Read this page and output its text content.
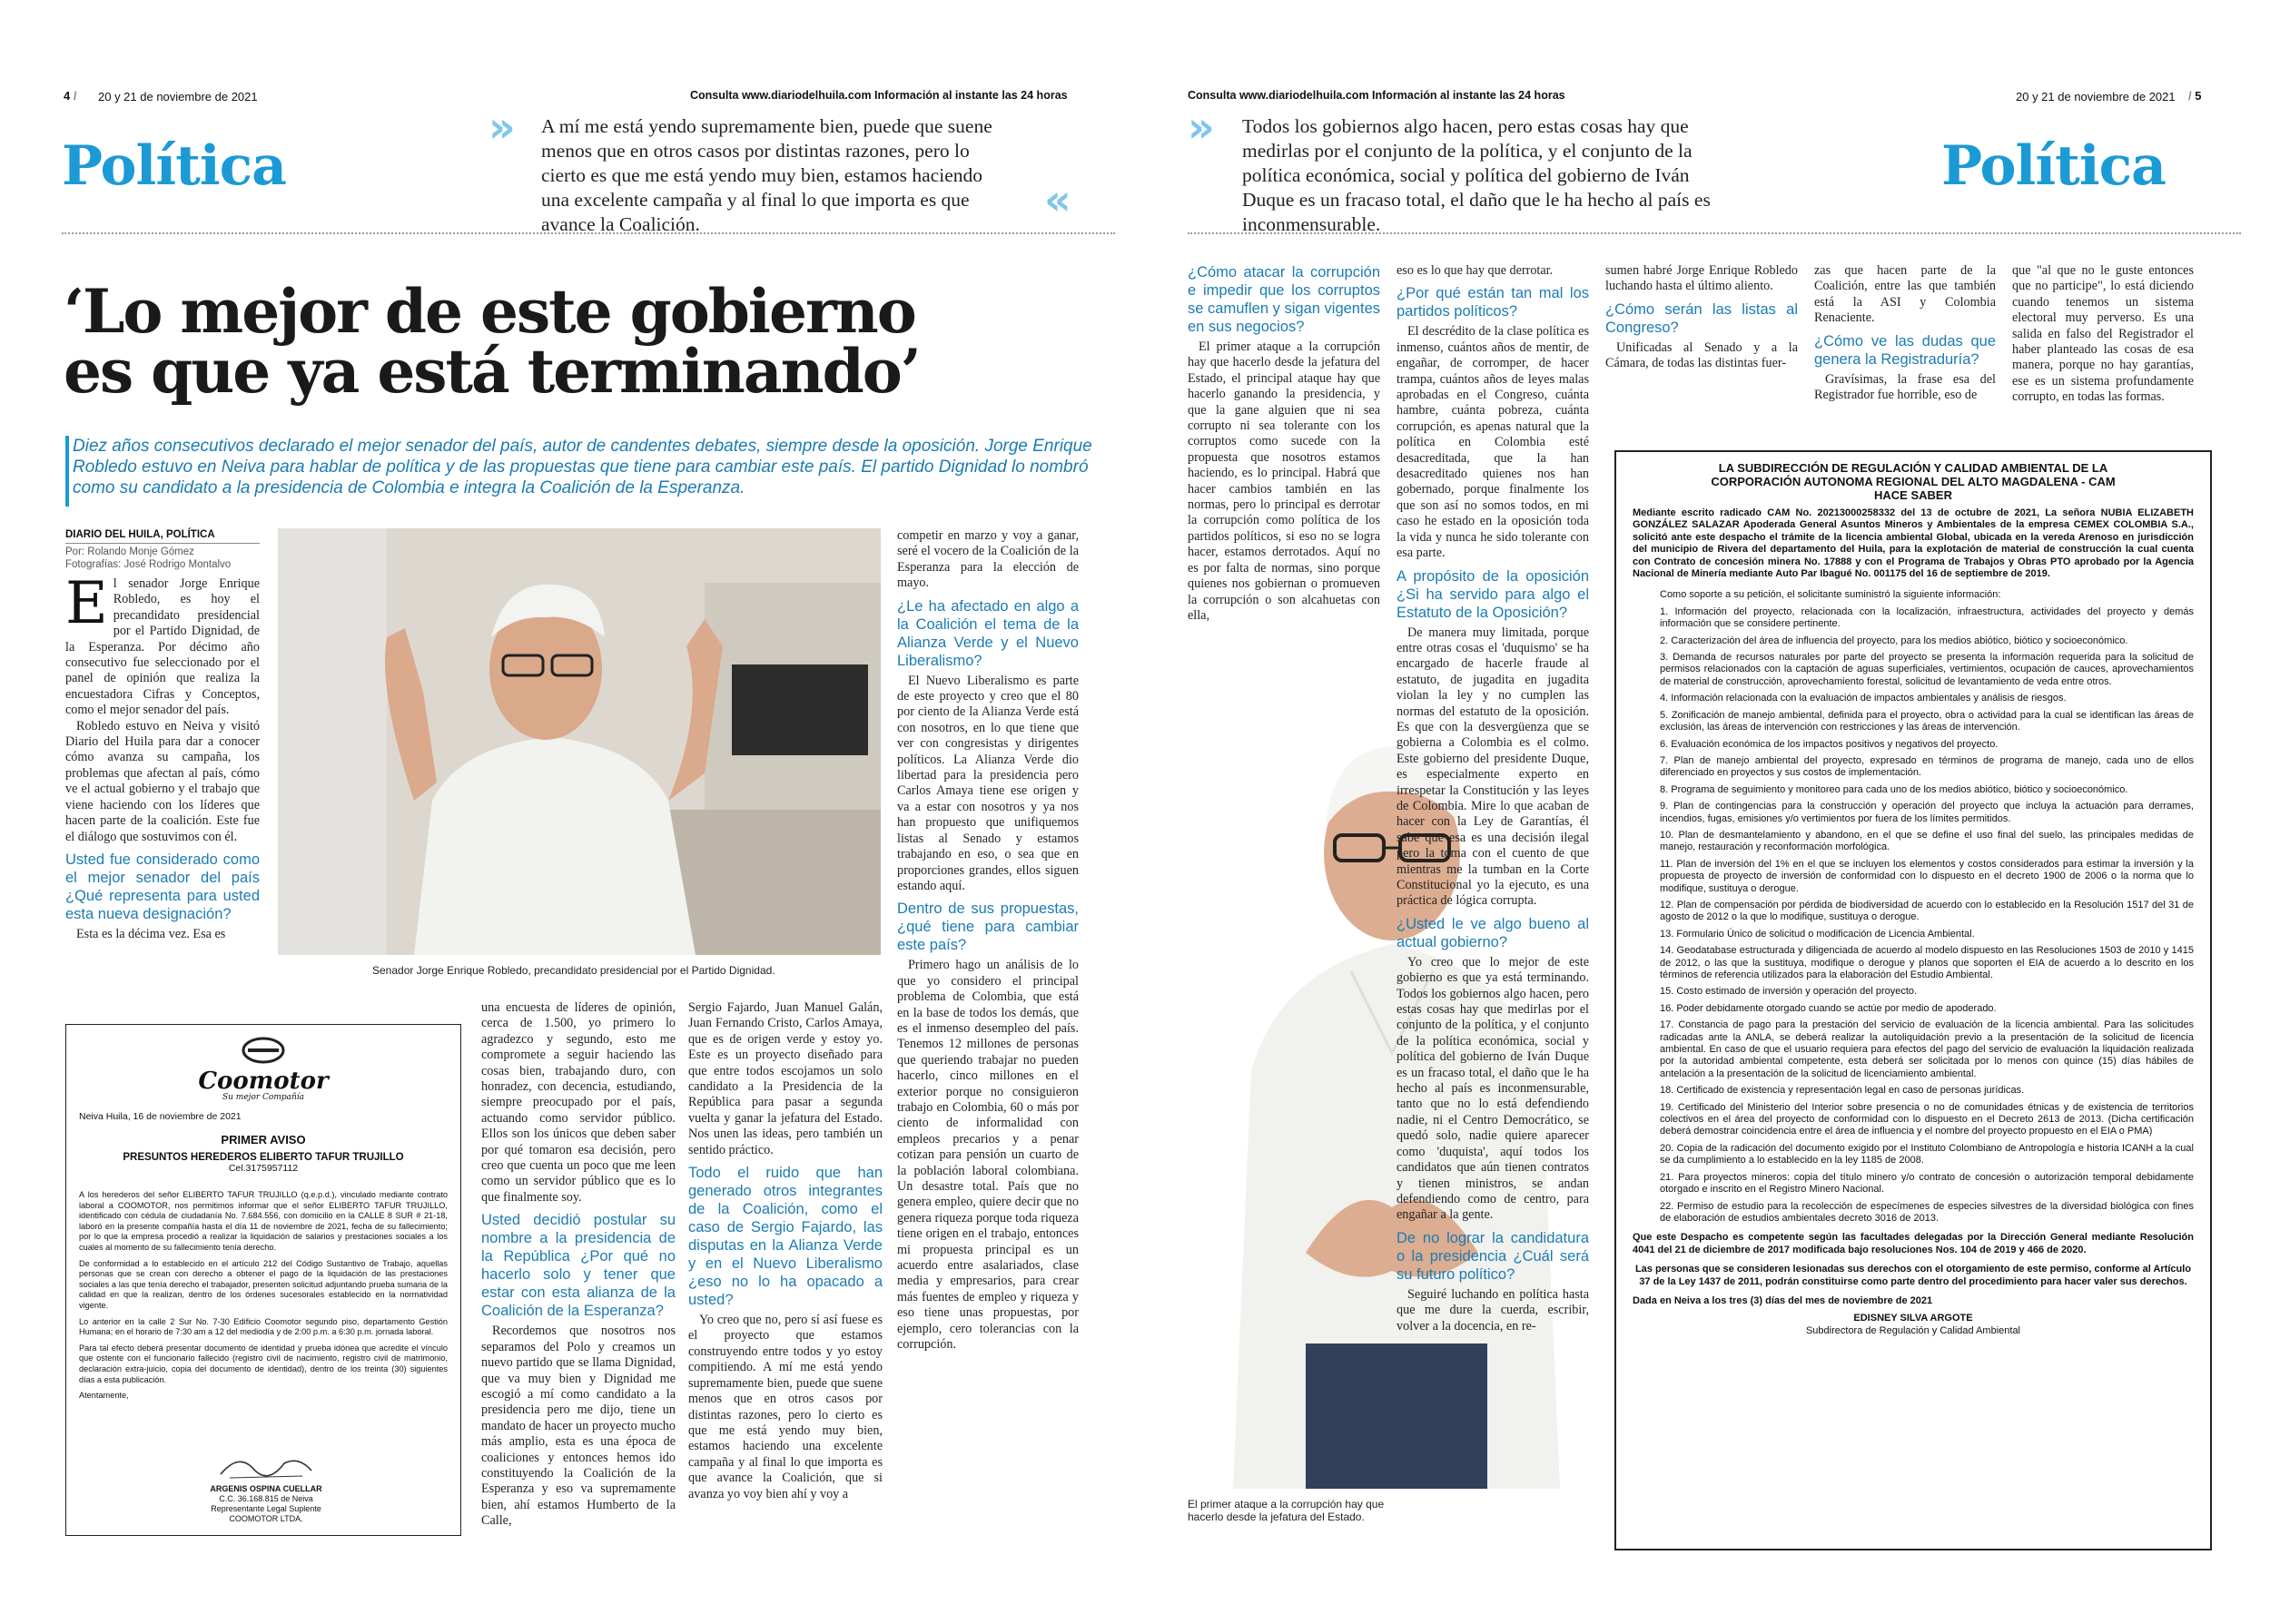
4 / 20 y 21 de noviembre de 2021	Consulta www.diariodelhuila.com Información al instante las 24 horas
Política
» A mí me está yendo supremamente bien, puede que suene menos que en otros casos por distintas razones, pero lo cierto es que me está yendo muy bien, estamos haciendo una excelente campaña y al final lo que importa es que avance la Coalición.	«
‘Lo mejor de este gobierno
es que ya está terminando’
Diez años consecutivos declarado el mejor senador del país, autor de candentes debates, siempre desde la oposición. Jorge Enrique Robledo estuvo en Neiva para hablar de política y de las propuestas que tiene para cambiar este país. El partido Dignidad lo nombró como su candidato a la presidencia de Colombia e integra la Coalición de la Esperanza.
DIARIO DEL HUILA, POLÍTICA
Por: Rolando Monje Gómez
Fotografías: José Rodrigo Montalvo

El senador Jorge Enrique Robledo, es hoy el precandidato presidencial por el Partido Dignidad, de la Esperanza. Por décimo año consecutivo fue seleccionado por el panel de opinión que realiza la encuestadora Cifras y Conceptos, como el mejor senador del país.

Robledo estuvo en Neiva y visitó Diario del Huila para dar a conocer cómo avanza su campaña, los problemas que afectan al país, cómo ve el actual gobierno y el trabajo que viene haciendo con los líderes que hacen parte de la coalición. Este fue el diálogo que sostuvimos con él.

Usted fue considerado como el mejor senador del país ¿Qué representa para usted esta nueva designación?

Esta es la décima vez. Esa es

Senador Jorge Enrique Robledo, precandidato presidencial por el Partido Dignidad.

competir en marzo y voy a ganar, seré el vocero de la Coalición de la Esperanza para la elección de mayo.

¿Le ha afectado en algo a la Coalición el tema de la Alianza Verde y el Nuevo Liberalismo?

El Nuevo Liberalismo es parte de este proyecto y creo que el 80 por ciento de la Alianza Verde está con nosotros, en lo que tiene que ver con congresistas y dirigentes políticos. La Alianza Verde dio libertad para la presidencia pero Carlos Amaya tiene ese origen y va a estar con nosotros y ya nos han propuesto que unifiquemos listas al Senado y estamos trabajando en eso, o sea que en proporciones grandes, ellos siguen estando aquí.

Dentro de sus propuestas, ¿qué tiene para cambiar este país?

Primero hago un análisis de lo que yo considero el principal problema de Colombia, que está en la base de todos los demás, que es el inmenso desempleo del país. Tenemos 12 millones de personas que queriendo trabajar no pueden hacerlo, cinco millones en el exterior porque no consiguieron trabajo en Colombia, 60 o más por ciento de informalidad con empleos precarios y a penar cotizan para pensión un cuarto de la población laboral colombiana. Un desastre total. País que no genera empleo, quiere decir que no genera riqueza porque toda riqueza tiene origen en el trabajo, entonces mi propuesta principal es un acuerdo entre asalariados, clase media y empresarios, para crear más fuentes de empleo y riqueza y eso tiene unas propuestas, por ejemplo, cero tolerancias con la corrupción.

una encuesta de líderes de opinión, cerca de 1.500, yo primero lo agradezco y segundo, esto me compromete a seguir haciendo las cosas bien, trabajando duro, con honradez, con decencia, estudiando, siempre preocupado por el país, actuando como servidor público. Ellos son los únicos que deben saber por qué tomaron esa decisión, pero creo que cuenta un poco que me leen como un servidor público que es lo que finalmente soy.

Usted decidió postular su nombre a la presidencia de la República ¿Por qué no hacerlo solo y tener que estar con esta alianza de la Coalición de la Esperanza?

Recordemos que nosotros nos separamos del Polo y creamos un nuevo partido que se llama Dignidad, que va muy bien y Dignidad me escogió a mí como candidato a la presidencia pero me dijo, tiene un mandato de hacer un proyecto mucho más amplio, esta es una época de coaliciones y entonces hemos ido constituyendo la Coalición de la Esperanza y eso va supremamente bien, ahí estamos Humberto de la Calle,

Sergio Fajardo, Juan Manuel Galán, Juan Fernando Cristo, Carlos Amaya, que es de origen verde y estoy yo. Este es un proyecto diseñado para que entre todos escojamos un solo candidato a la Presidencia de la República para pasar a segunda vuelta y ganar la jefatura del Estado. Nos unen las ideas, pero también un sentido práctico.

Todo el ruido que han generado otros integrantes de la Coalición, como el caso de Sergio Fajardo, las disputas en la Alianza Verde y en el Nuevo Liberalismo ¿eso no lo ha opacado a usted?

Yo creo que no, pero sí así fuese es el proyecto que estamos construyendo entre todos y yo estoy compitiendo. A mí me está yendo supremamente bien, puede que suene menos que en otros casos por distintas razones, pero lo cierto es que me está yendo muy bien, estamos haciendo una excelente campaña y al final lo que importa es que avance la Coalición, que si avanza yo voy bien ahí y voy a

Coomotor
Su mejor Compañía
Neiva Huila, 16 de noviembre de 2021
PRIMER AVISO
PRESUNTOS HEREDEROS ELIBERTO TAFUR TRUJILLO
Cel.3175957112

A los herederos del señor ELIBERTO TAFUR TRUJILLO (q.e.p.d.), vinculado mediante contrato laboral a COOMOTOR, nos permitimos informar que el señor ELIBERTO TAFUR TRUJILLO, identificado con cédula de ciudadanía No. 7.684.556, con domicilio en la CALLE 8 SUR # 21-18, laboró en la presente compañía hasta el día 11 de noviembre de 2021, fecha de su fallecimiento; por lo que la empresa procedió a realizar la liquidación de salarios y prestaciones sociales a los cuales al momento de su fallecimiento tenía derecho.

De conformidad a lo establecido en el artículo 212 del Código Sustantivo de Trabajo, aquellas personas que se crean con derecho a obtener el pago de la liquidación de las prestaciones sociales a las que tenía derecho el trabajador, presenten solicitud adjuntando prueba sumaria de la calidad en que la realizan, dentro de los órdenes sucesorales establecido en la normatividad vigente.

Lo anterior en la calle 2 Sur No. 7-30 Edificio Coomotor segundo piso, departamento Gestión Humana; en el horario de 7:30 am a 12 del mediodía y de 2:00 p.m. a 6:30 p.m. jornada laboral.

Para tal efecto deberá presentar documento de identidad y prueba idónea que acredite el vínculo que ostente con el funcionario fallecido (registro civil de nacimiento, registro civil de matrimonio, declaración extra-juicio, copia del documento de identidad), dentro de los treinta (30) siguientes días a esta publicación.

Atentamente,

ARGENIS OSPINA CUELLAR
C.C. 36.168.815 de Neiva
Representante Legal Suplente
COOMOTOR LTDA.
Consulta www.diariodelhuila.com Información al instante las 24 horas	20 y 21 de noviembre de 2021 / 5
» Todos los gobiernos algo hacen, pero estas cosas hay que medirlas por el conjunto de la política, y el conjunto de la política económica, social y política del gobierno de Iván Duque es un fracaso total, el daño que le ha hecho al país es inconmensurable.
Política
¿Cómo atacar la corrupción e impedir que los corruptos se camuflen y sigan vigentes en sus negocios?

El primer ataque a la corrupción hay que hacerlo desde la jefatura del Estado, el principal ataque hay que hacerlo ganando la presidencia, y que la gane alguien que ni sea corrupto ni sea tolerante con los corruptos como sucede con la propuesta que nosotros estamos haciendo, es lo principal. Habrá que hacer cambios también en las normas, pero lo principal es derrotar la corrupción como política de los partidos políticos, si eso no se logra hacer, estamos derrotados. Aquí no es por falta de normas, sino porque quienes nos gobiernan o promueven la corrupción o son alcahuetas con ella,

El primer ataque a la corrupción hay que hacerlo desde la jefatura del Estado.

eso es lo que hay que derrotar.

¿Por qué están tan mal los partidos políticos?

El descrédito de la clase política es inmenso, cuántos años de mentir, de engañar, de corromper, de hacer trampa, cuántos años de leyes malas aprobadas en el Congreso, cuánta hambre, cuánta pobreza, cuánta corrupción, es apenas natural que la política en Colombia esté desacreditada, que la han desacreditado quienes nos han gobernado, porque finalmente los que son así no somos todos, en mi caso he estado en la oposición toda la vida y nunca he sido tolerante con esa parte.

A propósito de la oposición ¿Si ha servido para algo el Estatuto de la Oposición?

De manera muy limitada, porque entre otras cosas el 'duquismo' se ha encargado de hacerle fraude al estatuto, de jugadita en jugadita violan la ley y no cumplen las normas del estatuto de la oposición. Es que con la desvergüenza que se gobierna a Colombia es el colmo. Este gobierno del presidente Duque, es especialmente experto en irrespetar la Constitución y las leyes de Colombia. Mire lo que acaban de hacer con la Ley de Garantías, él sabe que esa es una decisión ilegal pero la toma con el cuento de que mientras me la tumban en la Corte Constitucional yo la ejecuto, es una práctica de lógica corrupta.

¿Usted le ve algo bueno al actual gobierno?

Yo creo que lo mejor de este gobierno es que ya está terminando. Todos los gobiernos algo hacen, pero estas cosas hay que medirlas por el conjunto de la política, y el conjunto de la política económica, social y política del gobierno de Iván Duque es un fracaso total, el daño que le ha hecho al país es inconmensurable, tanto que no lo está defendiendo nadie, ni el Centro Democrático, se quedó solo, nadie quiere aparecer como 'duquista', aquí todos los candidatos que aún tienen contratos y tienen ministros, se andan defendiendo como de centro, para engañar a la gente.

De no lograr la candidatura o la presidencia ¿Cuál será su futuro político?

Seguiré luchando en política hasta que me dure la cuerda, escribir, volver a la docencia, en re-

sumen habré Jorge Enrique Robledo luchando hasta el último aliento.

¿Cómo serán las listas al Congreso?

Unificadas al Senado y a la Cámara, de todas las distintas fuer-

zas que hacen parte de la Coalición, entre las que también está la ASI y Colombia Renaciente.

¿Cómo ve las dudas que genera la Registraduría?

Gravísimas, la frase esa del Registrador fue horrible, eso de

que "al que no le guste entonces que no participe", lo está diciendo cuando tenemos un sistema electoral muy perverso. Es una salida en falso del Registrador el haber planteado las cosas de esa manera, porque no hay garantías, ese es un sistema profundamente corrupto, en todas las formas.

LA SUBDIRECCIÓN DE REGULACIÓN Y CALIDAD AMBIENTAL DE LA
CORPORACIÓN AUTONOMA REGIONAL DEL ALTO MAGDALENA - CAM
HACE SABER

Mediante escrito radicado CAM No. 20213000258332 del 13 de octubre de 2021, La señora NUBIA ELIZABETH GONZÁLEZ SALAZAR Apoderada General Asuntos Mineros y Ambientales de la empresa CEMEX COLOMBIA S.A., solicitó ante este despacho el trámite de la licencia ambiental Global, ubicada en la vereda Arenoso en jurisdicción del municipio de Rivera del departamento del Huila, para la explotación de material de construcción la cual cuenta con Contrato de concesión minera No. 17888 y con el Programa de Trabajos y Obras PTO aprobado por la Agencia Nacional de Minería mediante Auto Par Ibagué No. 001175 del 16 de septiembre de 2019.

Como soporte a su petición, el solicitante suministró la siguiente información:

1. Información del proyecto, relacionada con la localización, infraestructura, actividades del proyecto y demás información que se considere pertinente.
2. Caracterización del área de influencia del proyecto, para los medios abiótico, biótico y socioeconómico.
3. Demanda de recursos naturales por parte del proyecto se presenta la información requerida para la solicitud de permisos relacionados con la captación de aguas superficiales, vertimientos, ocupación de cauces, aprovechamientos de material de construcción, aprovechamiento forestal, solicitud de levantamiento de veda entre otros.
4. Información relacionada con la evaluación de impactos ambientales y análisis de riesgos.
5. Zonificación de manejo ambiental, definida para el proyecto, obra o actividad para la cual se identifican las áreas de exclusión, las áreas de intervención con restricciones y las áreas de intervención.
6. Evaluación económica de los impactos positivos y negativos del proyecto.
7. Plan de manejo ambiental del proyecto, expresado en términos de programa de manejo, cada uno de ellos diferenciado en proyectos y sus costos de implementación.
8. Programa de seguimiento y monitoreo para cada uno de los medios abiótico, biótico y socioeconómico.
9. Plan de contingencias para la construcción y operación del proyecto que incluya la actuación para derrames, incendios, fugas, emisiones y/o vertimientos por fuera de los límites permitidos.
10. Plan de desmantelamiento y abandono, en el que se define el uso final del suelo, las principales medidas de manejo, restauración y reconformación morfológica.
11. Plan de inversión del 1% en el que se incluyen los elementos y costos considerados para estimar la inversión y la propuesta de proyecto de inversión de conformidad con lo dispuesto en el decreto 1900 de 2006 o la norma que lo modifique, sustituya o derogue.
12. Plan de compensación por pérdida de biodiversidad de acuerdo con lo establecido en la Resolución 1517 del 31 de agosto de 2012 o la que lo modifique, sustituya o derogue.
13. Formulario Único de solicitud o modificación de Licencia Ambiental.
14. Geodatabase estructurada y diligenciada de acuerdo al modelo dispuesto en las Resoluciones 1503 de 2010 y 1415 de 2012, o las que la sustituya, modifique o derogue y planos que soporten el EIA de acuerdo a lo descrito en los términos de referencia utilizados para la elaboración del Estudio Ambiental.
15. Costo estimado de inversión y operación del proyecto.
16. Poder debidamente otorgado cuando se actúe por medio de apoderado.
17. Constancia de pago para la prestación del servicio de evaluación de la licencia ambiental. Para las solicitudes radicadas ante la ANLA, se deberá realizar la autoliquidación previo a la presentación de la solicitud de licencia ambiental. En caso de que el usuario requiera para efectos del pago del servicio de evaluación la liquidación realizada por la autoridad ambiental competente, esta deberá ser solicitada por lo menos con quince (15) días hábiles de antelación a la presentación de la solicitud de licenciamiento ambiental.
18. Certificado de existencia y representación legal en caso de personas jurídicas.
19. Certificado del Ministerio del Interior sobre presencia o no de comunidades étnicas y de existencia de territorios colectivos en el área del proyecto de conformidad con lo dispuesto en el Decreto 2613 de 2013. (Dicha certificación deberá demostrar coincidencia entre el área de influencia y el nombre del proyecto propuesto en el EIA o PMA)
20. Copia de la radicación del documento exigido por el Instituto Colombiano de Antropología e historia ICANH a la cual se da cumplimiento a lo establecido en la ley 1185 de 2008.
21. Para proyectos mineros: copia del título minero y/o contrato de concesión o autorización temporal debidamente otorgado e inscrito en el Registro Minero Nacional.
22. Permiso de estudio para la recolección de especímenes de especies silvestres de la diversidad biológica con fines de elaboración de estudios ambientales decreto 3016 de 2013.

Que este Despacho es competente según las facultades delegadas por la Dirección General mediante Resolución 4041 del 21 de diciembre de 2017 modificada bajo resoluciones Nos. 104 de 2019 y 466 de 2020.

Las personas que se consideren lesionadas sus derechos con el otorgamiento de este permiso, conforme al Artículo 37 de la Ley 1437 de 2011, podrán constituirse como parte dentro del procedimiento para hacer valer sus derechos.

Dada en Neiva a los tres (3) días del mes de noviembre de 2021

EDISNEY SILVA ARGOTE
Subdirectora de Regulación y Calidad Ambiental
